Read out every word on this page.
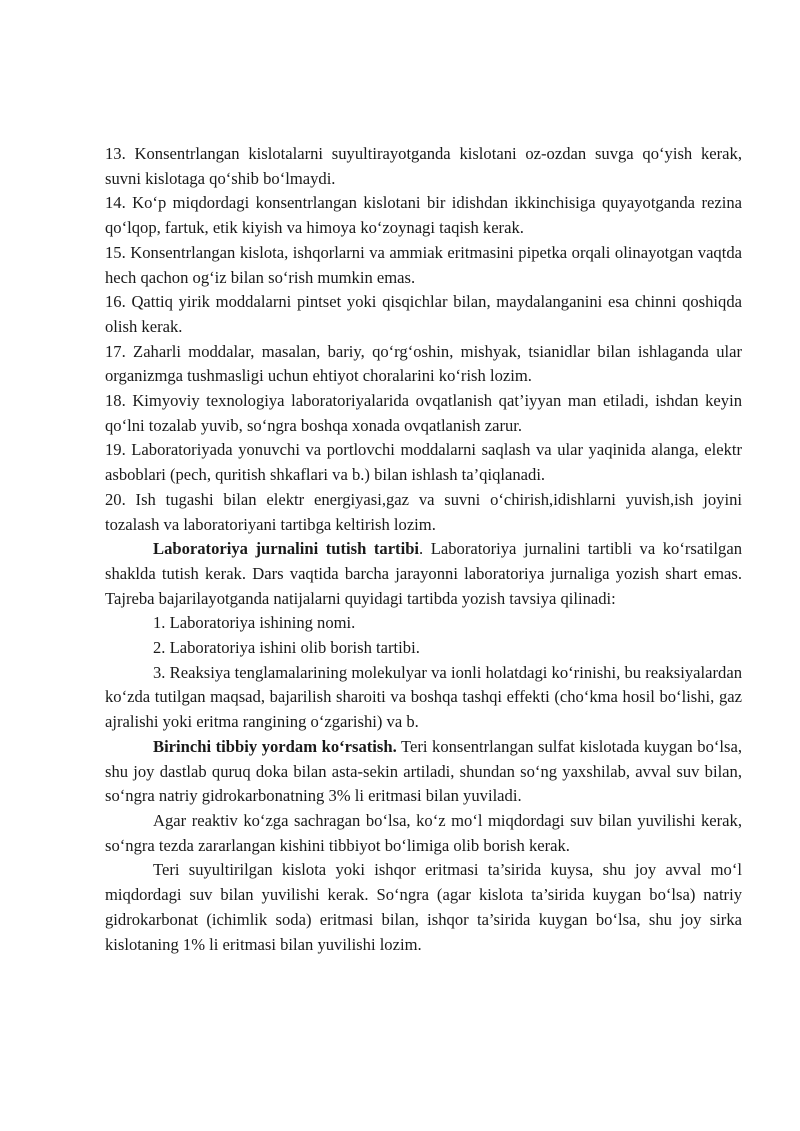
13. Konsentrlangan kislotalarni suyultirayotganda kislotani oz-ozdan suvga qo‘yish kerak, suvni kislotaga qo‘shib bo‘lmaydi.

14. Ko‘p miqdordagi konsentrlangan kislotani bir idishdan ikkinchisiga quyayotganda rezina qo‘lqop, fartuk, etik kiyish va himoya ko‘zoynagi taqish kerak.

15. Konsentrlangan kislota, ishqorlarni va ammiak eritmasini pipetka orqali olinayotgan vaqtda hech qachon og‘iz bilan so‘rish mumkin emas.

16. Qattiq yirik moddalarni pintset yoki qisqichlar bilan, maydalanganini esa chinni qoshiqda olish kerak.

17. Zaharli moddalar, masalan, bariy, qo‘rg‘oshin, mishyak, tsianidlar bilan ishlaganda ular organizmga tushmasligi uchun ehtiyot choralarini ko‘rish lozim.

18. Kimyoviy texnologiya laboratoriyalarida ovqatlanish qat’iyyan man etiladi, ishdan keyin qo‘lni tozalab yuvib, so‘ngra boshqa xonada ovqatlanish zarur.

19. Laboratoriyada yonuvchi va portlovchi moddalarni saqlash va ular yaqinida alanga, elektr asboblari (pech, quritish shkaflari va b.) bilan ishlash ta’qiqlanadi.

20. Ish tugashi bilan elektr energiyasi,gaz va suvni o‘chirish,idishlarni yuvish,ish joyini tozalash va laboratoriyani tartibga keltirish lozim.

Laboratoriya jurnalini tutish tartibi. Laboratoriya jurnalini tartibli va ko‘rsatilgan shaklda tutish kerak. Dars vaqtida barcha jarayonni laboratoriya jurnaliga yozish shart emas. Tajreba bajarilayotganda natijalarni quyidagi tartibda yozish tavsiya qilinadi:

1. Laboratoriya ishining nomi.

2. Laboratoriya ishini olib borish tartibi.

3. Reaksiya tenglamalarining molekulyar va ionli holatdagi ko‘rinishi, bu reaksiyalardan ko‘zda tutilgan maqsad, bajarilish sharoiti va boshqa tashqi effekti (cho‘kma hosil bo‘lishi, gaz ajralishi yoki eritma rangining o‘zgarishi) va b.

Birinchi tibbiy yordam ko‘rsatish. Teri konsentrlangan sulfat kislotada kuygan bo‘lsa, shu joy dastlab quruq doka bilan asta-sekin artiladi, shundan so‘ng yaxshilab, avval suv bilan, so‘ngra natriy gidrokarbonatning 3% li eritmasi bilan yuviladi.

Agar reaktiv ko‘zga sachragan bo‘lsa, ko‘z mo‘l miqdordagi suv bilan yuvilishi kerak, so‘ngra tezda zararlangan kishini tibbiyot bo‘limiga olib borish kerak.

Teri suyultirilgan kislota yoki ishqor eritmasi ta’sirida kuysa, shu joy avval mo‘l miqdordagi suv bilan yuvilishi kerak. So‘ngra (agar kislota ta’sirida kuygan bo‘lsa) natriy gidrokarbonat (ichimlik soda) eritmasi bilan, ishqor ta’sirida kuygan bo‘lsa, shu joy sirka kislotaning 1% li eritmasi bilan yuvilishi lozim.
